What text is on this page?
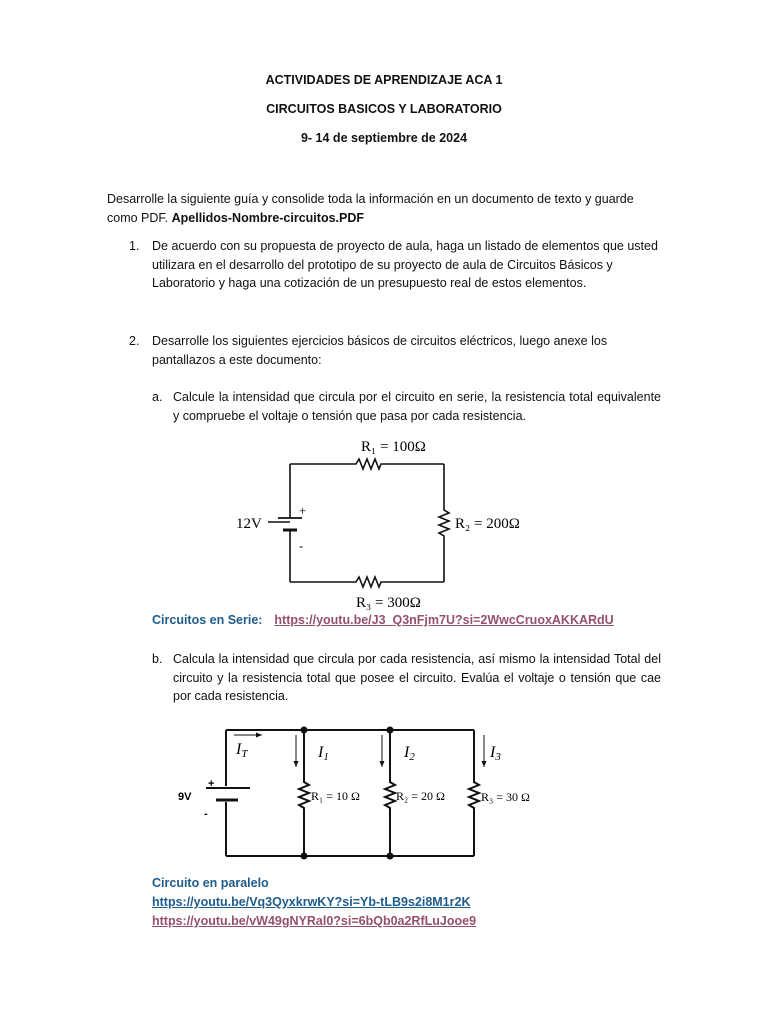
ACTIVIDADES DE APRENDIZAJE ACA 1
CIRCUITOS BASICOS Y LABORATORIO
9- 14 de septiembre de 2024
Desarrolle la siguiente guía y consolide toda la información en un documento de texto y guarde como PDF. Apellidos-Nombre-circuitos.PDF
1. De acuerdo con su propuesta de proyecto de aula, haga un listado de elementos que usted utilizara en el desarrollo del prototipo de su proyecto de aula de Circuitos Básicos y Laboratorio y haga una cotización de un presupuesto real de estos elementos.
2. Desarrolle los siguientes ejercicios básicos de circuitos eléctricos, luego anexe los pantallazos a este documento:
a. Calcule la intensidad que circula por el circuito en serie, la resistencia total equivalente y compruebe el voltaje o tensión que pasa por cada resistencia.
12V
+
-
R₁ = 100Ω
R₂ = 200Ω
R₃ = 300Ω
Circuitos en Serie: https://youtu.be/J3_Q3nFjm7U?si=2WwcCruoxAKKARdU
b. Calcula la intensidad que circula por cada resistencia, así mismo la intensidad Total del circuito y la resistencia total que posee el circuito. Evalúa el voltaje o tensión que cae por cada resistencia.
IT	I1	I2	I3
9V
+
-
R₁ = 10 Ω	R₂ = 20 Ω	R₃ = 30 Ω
Circuito en paralelo
https://youtu.be/Vq3QyxkrwKY?si=Yb-tLB9s2i8M1r2K
https://youtu.be/vW49gNYRal0?si=6bQb0a2RfLuJooe9
